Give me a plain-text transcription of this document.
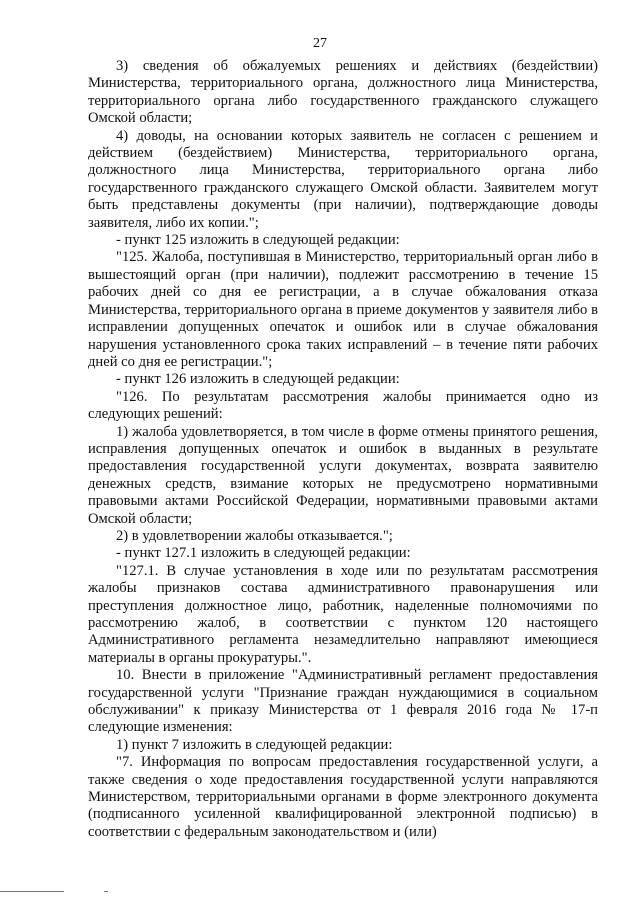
27

3) сведения об обжалуемых решениях и действиях (бездействии) Министерства, территориального органа, должностного лица Министерства, территориального органа либо государственного гражданского служащего Омской области;

4) доводы, на основании которых заявитель не согласен с решением и действием (бездействием) Министерства, территориального органа, должностного лица Министерства, территориального органа либо государственного гражданского служащего Омской области. Заявителем могут быть представлены документы (при наличии), подтверждающие доводы заявителя, либо их копии.";

- пункт 125 изложить в следующей редакции:

"125. Жалоба, поступившая в Министерство, территориальный орган либо в вышестоящий орган (при наличии), подлежит рассмотрению в течение 15 рабочих дней со дня ее регистрации, а в случае обжалования отказа Министерства, территориального органа в приеме документов у заявителя либо в исправлении допущенных опечаток и ошибок или в случае обжалования нарушения установленного срока таких исправлений – в течение пяти рабочих дней со дня ее регистрации.";

- пункт 126 изложить в следующей редакции:

"126. По результатам рассмотрения жалобы принимается одно из следующих решений:

1) жалоба удовлетворяется, в том числе в форме отмены принятого решения, исправления допущенных опечаток и ошибок в выданных в результате предоставления государственной услуги документах, возврата заявителю денежных средств, взимание которых не предусмотрено нормативными правовыми актами Российской Федерации, нормативными правовыми актами Омской области;

2) в удовлетворении жалобы отказывается.";

- пункт 127.1 изложить в следующей редакции:

"127.1. В случае установления в ходе или по результатам рассмотрения жалобы признаков состава административного правонарушения или преступления должностное лицо, работник, наделенные полномочиями по рассмотрению жалоб, в соответствии с пунктом 120 настоящего Административного регламента незамедлительно направляют имеющиеся материалы в органы прокуратуры.".

10. Внести в приложение "Административный регламент предоставления государственной услуги "Признание граждан нуждающимися в социальном обслуживании" к приказу Министерства от 1 февраля 2016 года № 17-п следующие изменения:

1) пункт 7 изложить в следующей редакции:

"7. Информация по вопросам предоставления государственной услуги, а также сведения о ходе предоставления государственной услуги направляются Министерством, территориальными органами в форме электронного документа (подписанного усиленной квалифицированной электронной подписью) в соответствии с федеральным законодательством и (или)
